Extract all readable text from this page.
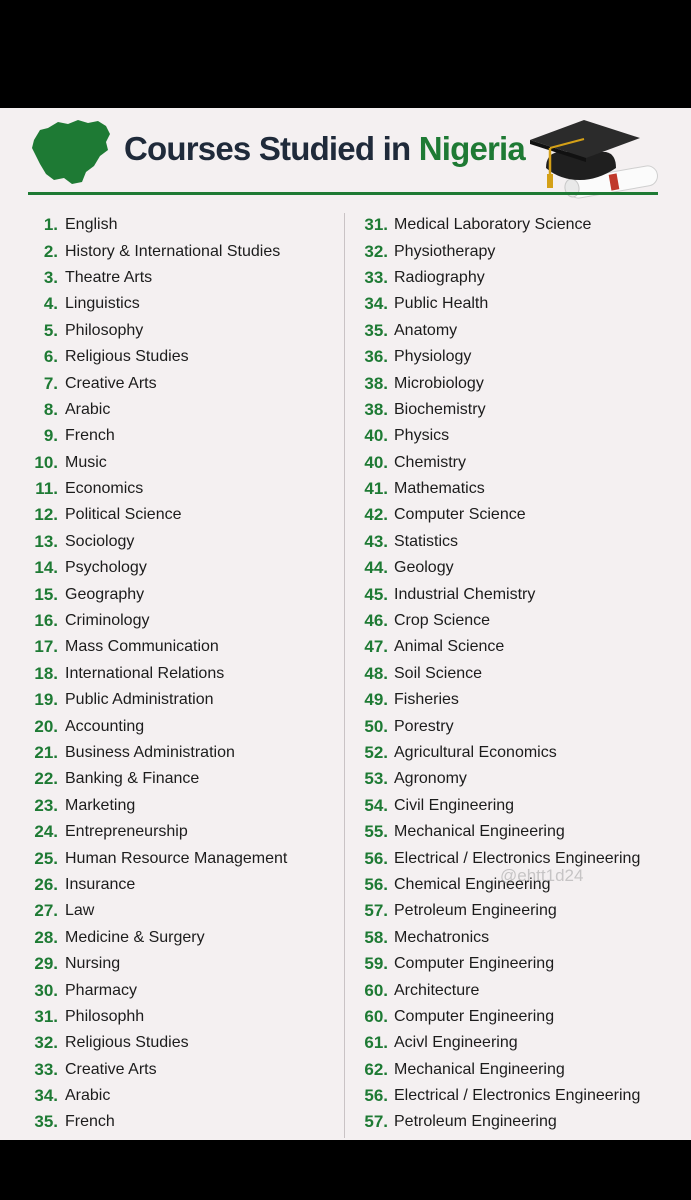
Courses Studied in Nigeria
1. English
2. History & International Studies
3. Theatre Arts
4. Linguistics
5. Philosophy
6. Religious Studies
7. Creative Arts
8. Arabic
9. French
10. Music
11. Economics
12. Political Science
13. Sociology
14. Psychology
15. Geography
16. Criminology
17. Mass Communication
18. International Relations
19. Public Administration
20. Accounting
21. Business Administration
22. Banking & Finance
23. Marketing
24. Entrepreneurship
25. Human Resource Management
26. Insurance
27. Law
28. Medicine & Surgery
29. Nursing
30. Pharmacy
31. Philosophh
32. Religious Studies
33. Creative Arts
34. Arabic
35. French
31. Medical Laboratory Science
32. Physiotherapy
33. Radiography
34. Public Health
35. Anatomy
36. Physiology
38. Microbiology
38. Biochemistry
40. Physics
40. Chemistry
41. Mathematics
42. Computer Science
43. Statistics
44. Geology
45. Industrial Chemistry
46. Crop Science
47. Animal Science
48. Soil Science
49. Fisheries
50. Porestry
52. Agricultural Economics
53. Agronomy
54. Civil Engineering
55. Mechanical Engineering
56. Electrical / Electronics Engineering
56. Chemical Engineering
57. Petroleum Engineering
58. Mechatronics
59. Computer Engineering
60. Architecture
60. Computer Engineering
61. Acivl Engineering
62. Mechanical Engineering
56. Electrical / Electronics Engineering
57. Petroleum Engineering
@ehtt1d24
